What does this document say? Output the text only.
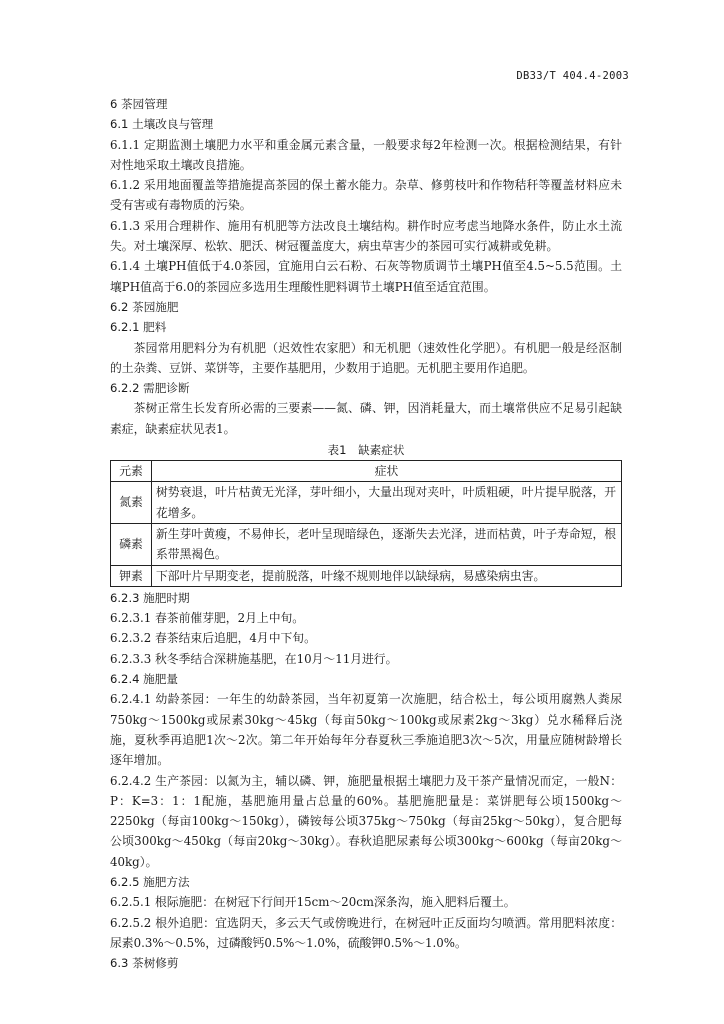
DB33/T 404.4-2003

6 茶园管理

6.1 土壤改良与管理

6.1.1 定期监测土壤肥力水平和重金属元素含量，一般要求每2年检测一次。根据检测结果，有针对性地采取土壤改良措施。

6.1.2 采用地面覆盖等措施提高茶园的保土蓄水能力。杂草、修剪枝叶和作物秸秆等覆盖材料应未受有害或有毒物质的污染。

6.1.3 采用合理耕作、施用有机肥等方法改良土壤结构。耕作时应考虑当地降水条件，防止水土流失。对土壤深厚、松软、肥沃、树冠覆盖度大，病虫草害少的茶园可实行减耕或免耕。

6.1.4 土壤PH值低于4.0茶园，宜施用白云石粉、石灰等物质调节土壤PH值至4.5~5.5范围。土壤PH值高于6.0的茶园应多选用生理酸性肥料调节土壤PH值至适宜范围。

6.2 茶园施肥

6.2.1 肥料

茶园常用肥料分为有机肥（迟效性农家肥）和无机肥（速效性化学肥）。有机肥一般是经沤制的土杂粪、豆饼、菜饼等，主要作基肥用，少数用于追肥。无机肥主要用作追肥。

6.2.2 需肥诊断

茶树正常生长发育所必需的三要素——氮、磷、钾，因消耗量大，而土壤常供应不足易引起缺素症，缺素症状见表1。

表1　缺素症状
元素	症状
氮素	树势衰退，叶片枯黄无光泽，芽叶细小，大量出现对夹叶，叶质粗硬，叶片提早脱落，开花增多。
磷素	新生芽叶黄瘦，不易伸长，老叶呈现暗绿色，逐渐失去光泽，进而枯黄，叶子寿命短，根系带黑褐色。
钾素	下部叶片早期变老，提前脱落，叶缘不规则地伴以缺绿病，易感染病虫害。

6.2.3 施肥时期

6.2.3.1 春茶前催芽肥，2月上中旬。

6.2.3.2 春茶结束后追肥，4月中下旬。

6.2.3.3 秋冬季结合深耕施基肥，在10月～11月进行。

6.2.4 施肥量

6.2.4.1 幼龄茶园：一年生的幼龄茶园，当年初夏第一次施肥，结合松土，每公顷用腐熟人粪尿750kg～1500kg或尿素30kg～45kg（每亩50kg～100kg或尿素2kg～3kg）兑水稀释后浇施，夏秋季再追肥1次～2次。第二年开始每年分春夏秋三季施追肥3次～5次，用量应随树龄增长逐年增加。

6.2.4.2 生产茶园：以氮为主，辅以磷、钾，施肥量根据土壤肥力及干茶产量情况而定，一般N：P：K=3：1：1配施，基肥施用量占总量的60%。基肥施肥量是：菜饼肥每公顷1500kg～2250kg（每亩100kg～150kg），磷铵每公顷375kg～750kg（每亩25kg～50kg），复合肥每公顷300kg～450kg（每亩20kg～30kg）。春秋追肥尿素每公顷300kg～600kg（每亩20kg～40kg）。

6.2.5 施肥方法

6.2.5.1 根际施肥：在树冠下行间开15cm～20cm深条沟，施入肥料后覆土。

6.2.5.2 根外追肥：宜选阴天，多云天气或傍晚进行，在树冠叶正反面均匀喷洒。常用肥料浓度：尿素0.3%～0.5%，过磷酸钙0.5%～1.0%，硫酸钾0.5%～1.0%。

6.3 茶树修剪
